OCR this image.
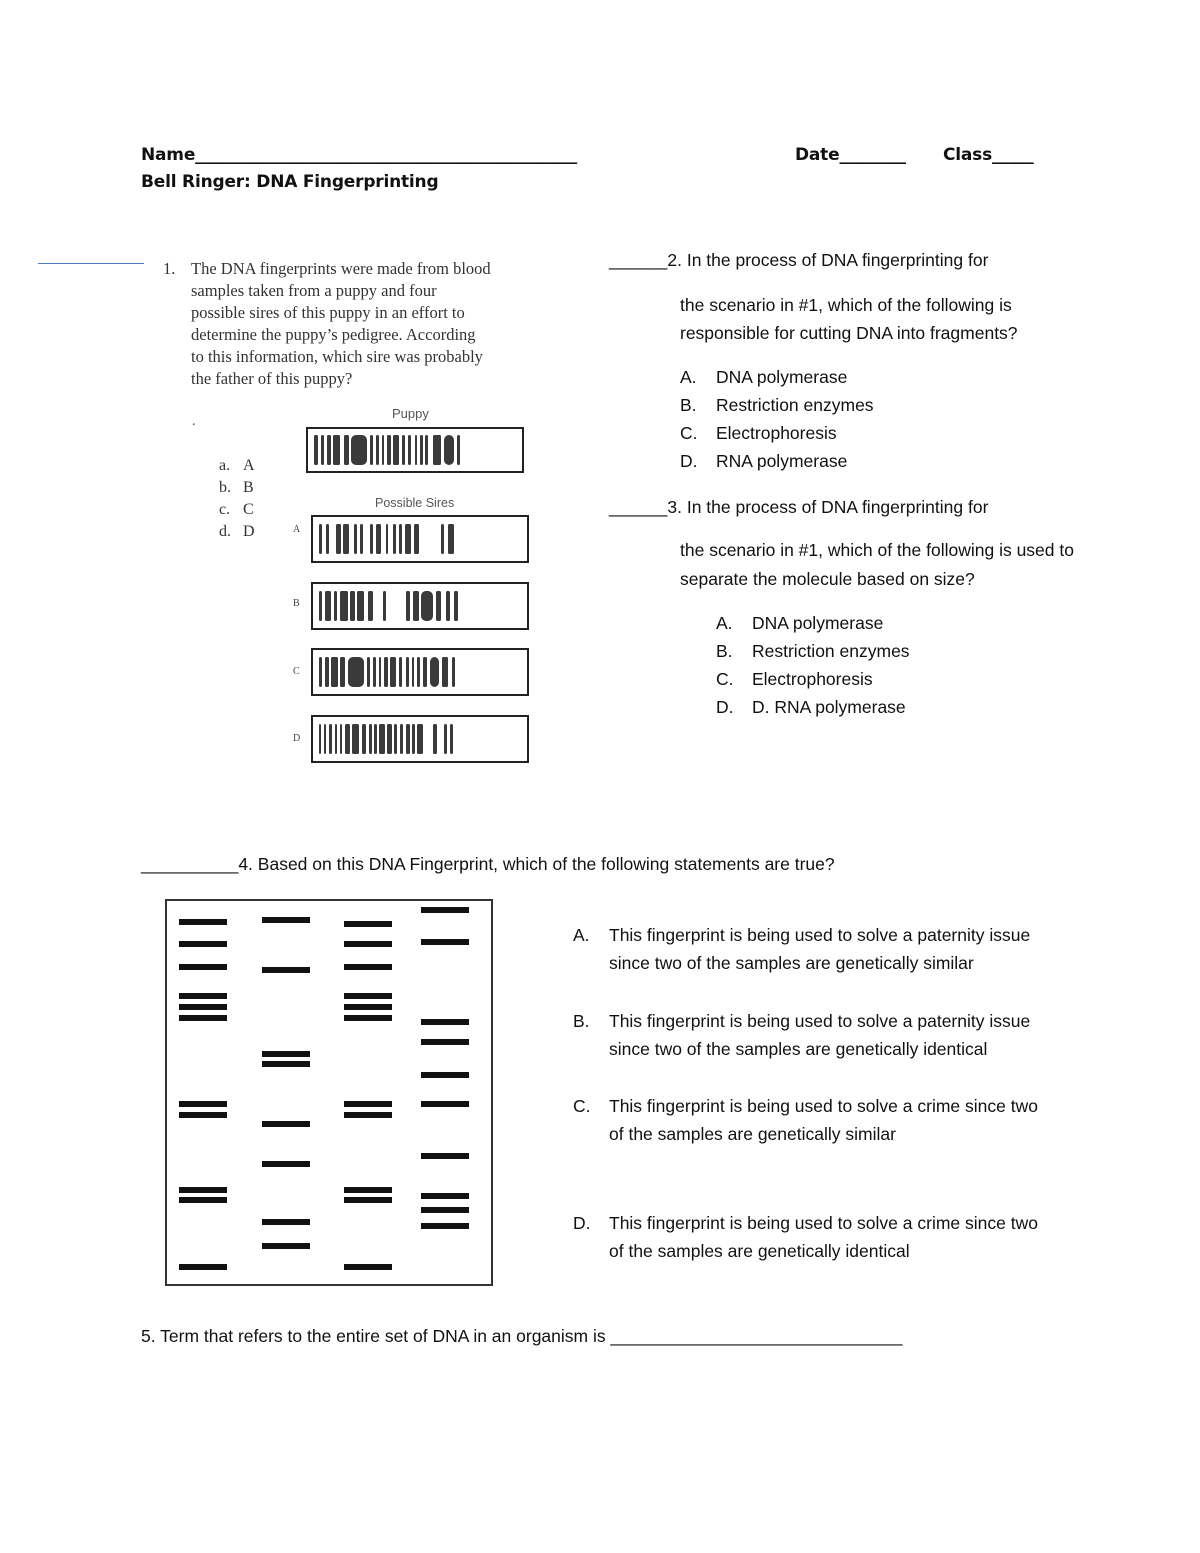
Name______________________________________________	Date________ Class_____
Bell Ringer: DNA Fingerprinting
1. The DNA fingerprints were made from blood
samples taken from a puppy and four
possible sires of this puppy in an effort to
determine the puppy’s pedigree. According
to this information, which sire was probably
the father of this puppy?
.
a. A
b. B
c. C
d. D
Puppy
Possible Sires
A
B
C
D
______2. In the process of DNA fingerprinting for
the scenario in #1, which of the following is
responsible for cutting DNA into fragments?
A. DNA polymerase
B. Restriction enzymes
C. Electrophoresis
D. RNA polymerase
______3. In the process of DNA fingerprinting for
the scenario in #1, which of the following is used to
separate the molecule based on size?
A. DNA polymerase
B. Restriction enzymes
C. Electrophoresis
D. D. RNA polymerase
__________4. Based on this DNA Fingerprint, which of the following statements are true?
A. This fingerprint is being used to solve a paternity issue
since two of the samples are genetically similar
B. This fingerprint is being used to solve a paternity issue
since two of the samples are genetically identical
C. This fingerprint is being used to solve a crime since two
of the samples are genetically similar
D. This fingerprint is being used to solve a crime since two
of the samples are genetically identical
5. Term that refers to the entire set of DNA in an organism is ______________________________
